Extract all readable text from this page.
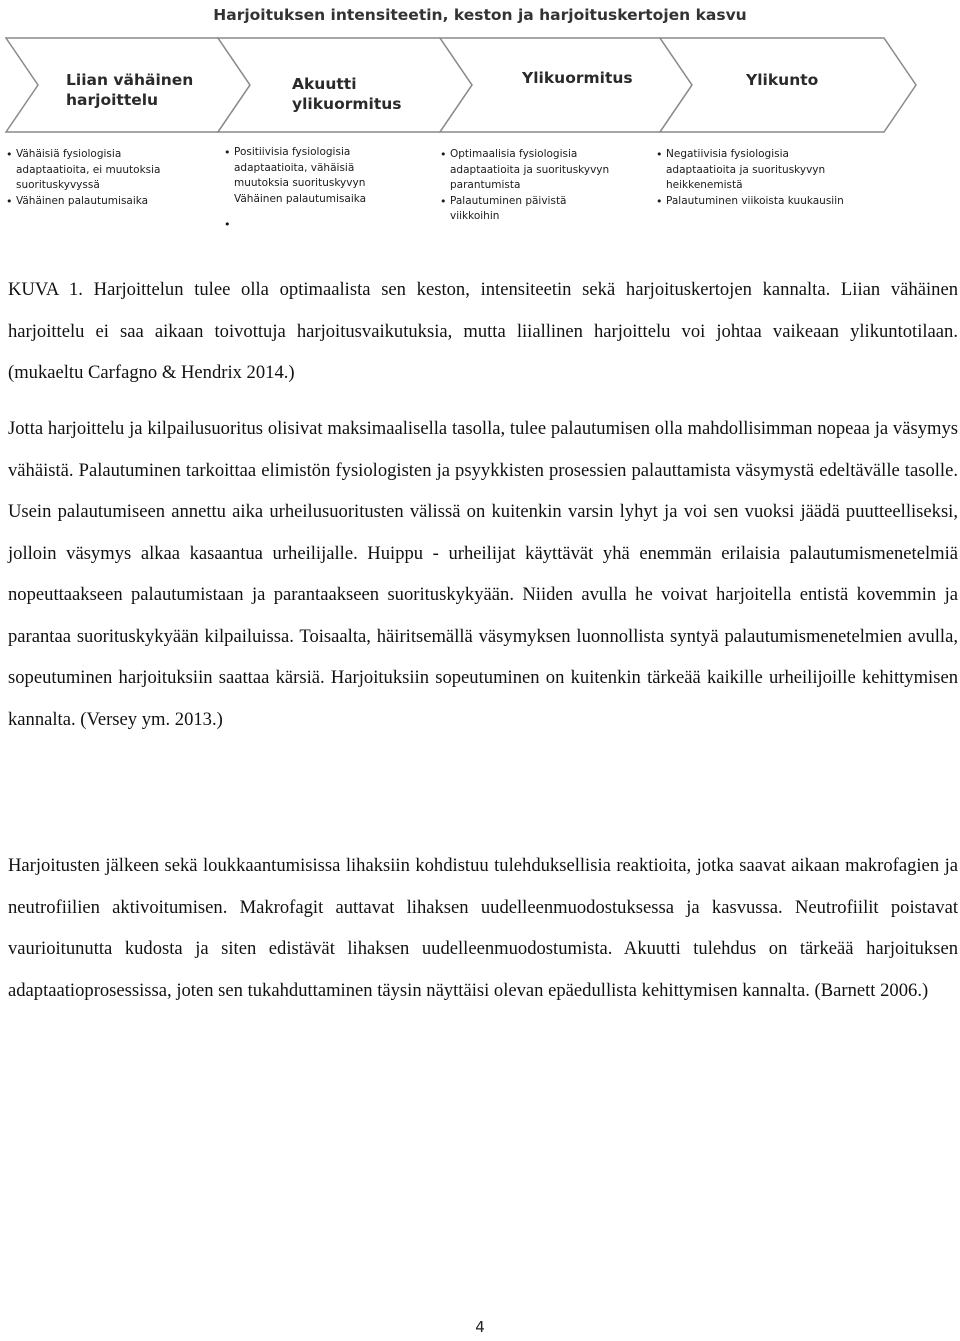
Harjoituksen intensiteetin, keston ja harjoituskertojen kasvu
Liian vähäinen
harjoittelu
Akuutti
ylikuormitus
Ylikuormitus	Ylikunto
• Vähäisiä fysiologisia
adaptaatioita, ei muutoksia
suorituskyvyssä
• Vähäinen palautumisaika
• Positiivisia fysiologisia
adaptaatioita, vähäisiä
muutoksia suorituskyvyn
Vähäinen palautumisaika
•
• Optimaalisia fysiologisia
adaptaatioita ja suorituskyvyn
parantumista
• Palautuminen päivistä
viikkoihin
• Negatiivisia fysiologisia
adaptaatioita ja suorituskyvyn
heikkenemistä
• Palautuminen viikoista kuukausiin

KUVA 1. Harjoittelun tulee olla optimaalista sen keston, intensiteetin sekä harjoituskertojen kannalta. Liian vähäinen harjoittelu ei saa aikaan toivottuja harjoitusvaikutuksia, mutta liiallinen harjoittelu voi johtaa vaikeaan ylikuntotilaan. (mukaeltu Carfagno & Hendrix 2014.)

Jotta harjoittelu ja kilpailusuoritus olisivat maksimaalisella tasolla, tulee palautumisen olla mahdollisimman nopeaa ja väsymys vähäistä. Palautuminen tarkoittaa elimistön fysiologisten ja psyykkisten prosessien palauttamista väsymystä edeltävälle tasolle. Usein palautumiseen annettu aika urheilusuoritusten välissä on kuitenkin varsin lyhyt ja voi sen vuoksi jäädä puutteelliseksi, jolloin väsymys alkaa kasaantua urheilijalle. Huippu - urheilijat käyttävät yhä enemmän erilaisia palautumismenetelmiä nopeuttaakseen palautumistaan ja parantaakseen suorituskykyään. Niiden avulla he voivat harjoitella entistä kovemmin ja parantaa suorituskykyään kilpailuissa. Toisaalta, häiritsemällä väsymyksen luonnollista syntyä palautumismenetelmien avulla, sopeutuminen harjoituksiin saattaa kärsiä. Harjoituksiin sopeutuminen on kuitenkin tärkeää kaikille urheilijoille kehittymisen kannalta. (Versey ym. 2013.)

Harjoitusten jälkeen sekä loukkaantumisissa lihaksiin kohdistuu tulehduksellisia reaktioita, jotka saavat aikaan makrofagien ja neutrofiilien aktivoitumisen. Makrofagit auttavat lihaksen uudelleenmuodostuksessa ja kasvussa. Neutrofiilit poistavat vaurioitunutta kudosta ja siten edistävät lihaksen uudelleenmuodostumista. Akuutti tulehdus on tärkeää harjoituksen adaptaatioprosessissa, joten sen tukahduttaminen täysin näyttäisi olevan epäedullista kehittymisen kannalta. (Barnett 2006.)

4
